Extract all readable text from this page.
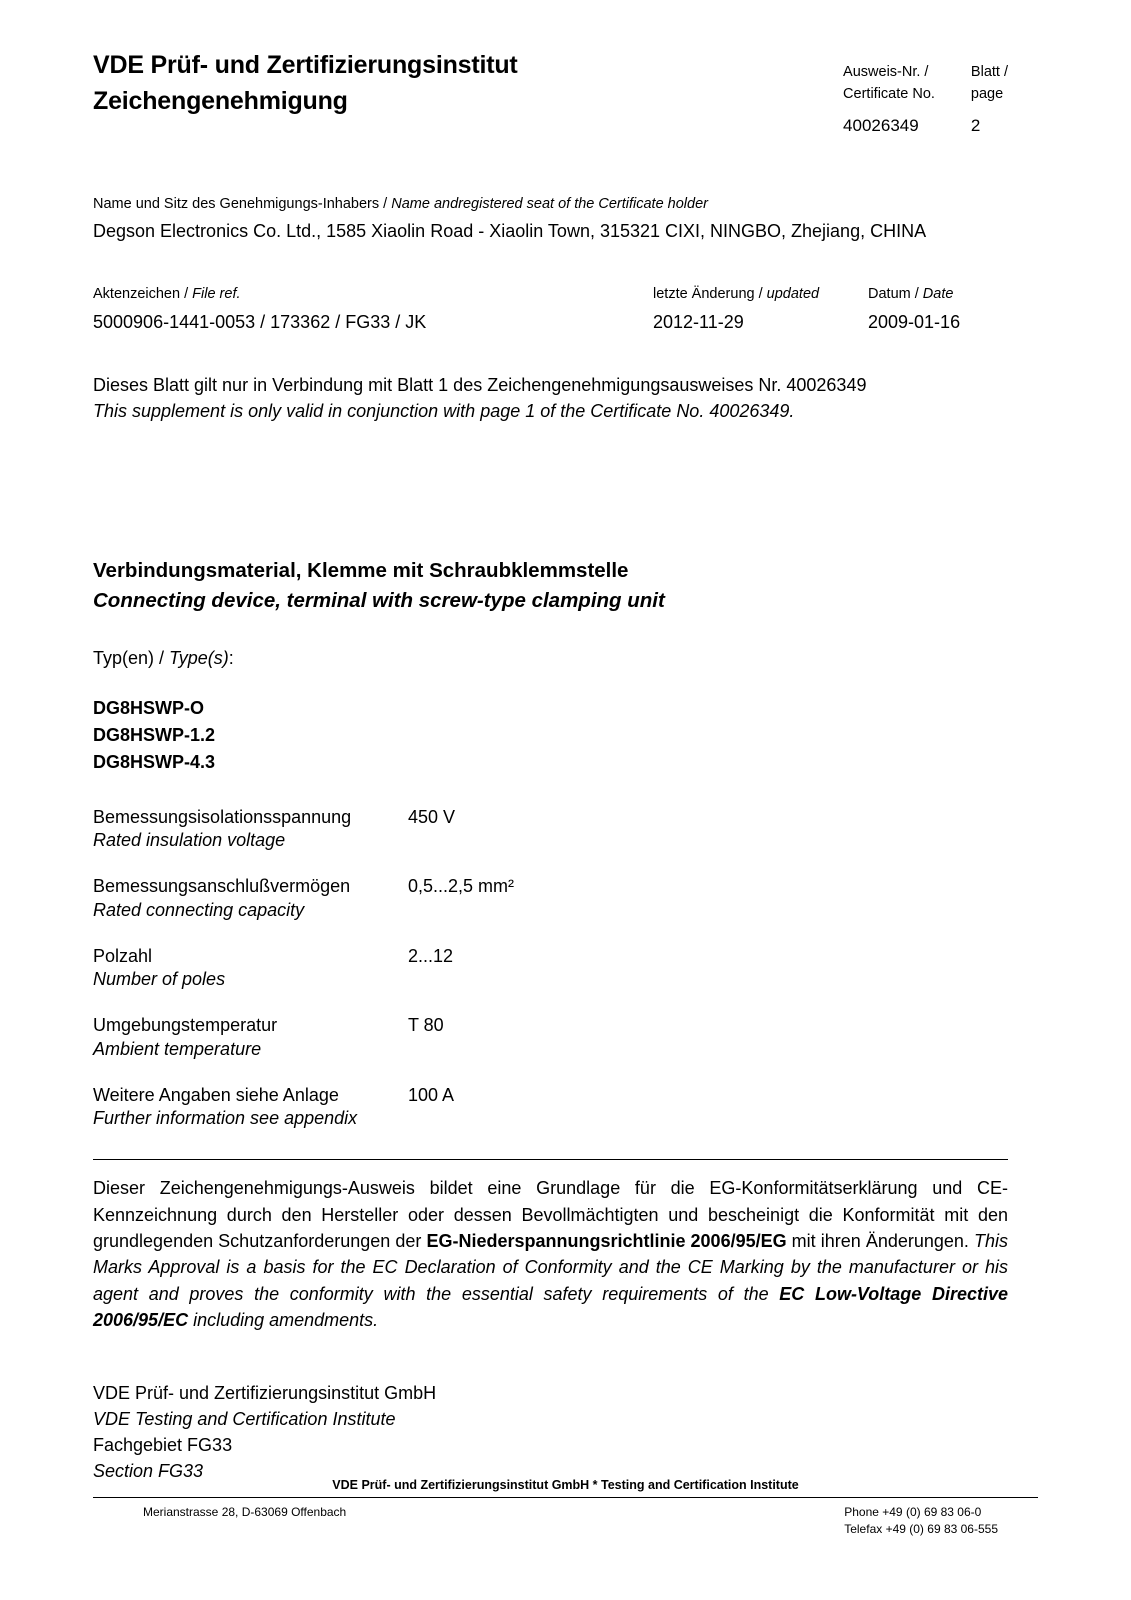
VDE Prüf- und Zertifizierungsinstitut
Zeichengenehmigung
Ausweis-Nr. /
Certificate No.
40026349
Blatt /
page
2
Name und Sitz des Genehmigungs-Inhabers / Name andregistered seat of the Certificate holder
Degson Electronics Co. Ltd., 1585 Xiaolin Road - Xiaolin Town, 315321 CIXI, NINGBO, Zhejiang, CHINA
Aktenzeichen / File ref.
5000906-1441-0053 / 173362 / FG33 / JK
letzte Änderung / updated
2012-11-29
Datum / Date
2009-01-16
Dieses Blatt gilt nur in Verbindung mit Blatt 1 des Zeichengenehmigungsausweises Nr. 40026349
This supplement is only valid in conjunction with page 1 of the Certificate No. 40026349.
Verbindungsmaterial, Klemme mit Schraubklemmstelle
Connecting device, terminal with screw-type clamping unit
Typ(en) / Type(s):
DG8HSWP-O
DG8HSWP-1.2
DG8HSWP-4.3
Bemessungsisolationsspannung
Rated insulation voltage
450 V
Bemessungsanschlußvermögen
Rated connecting capacity
0,5...2,5 mm²
Polzahl
Number of poles
2...12
Umgebungstemperatur
Ambient temperature
T 80
Weitere Angaben siehe Anlage
Further information see appendix
100 A
Dieser Zeichengenehmigungs-Ausweis bildet eine Grundlage für die EG-Konformitätserklärung und CE-Kennzeichnung durch den Hersteller oder dessen Bevollmächtigten und bescheinigt die Konformität mit den grundlegenden Schutzanforderungen der EG-Niederspannungsrichtlinie 2006/95/EG mit ihren Änderungen. This Marks Approval is a basis for the EC Declaration of Conformity and the CE Marking by the manufacturer or his agent and proves the conformity with the essential safety requirements of the EC Low-Voltage Directive 2006/95/EC including amendments.
VDE Prüf- und Zertifizierungsinstitut GmbH
VDE Testing and Certification Institute
Fachgebiet FG33
Section FG33
VDE Prüf- und Zertifizierungsinstitut GmbH * Testing and Certification Institute
Merianstrasse 28, D-63069 Offenbach	Phone +49 (0) 69 83 06-0
Telefax +49 (0) 69 83 06-555
